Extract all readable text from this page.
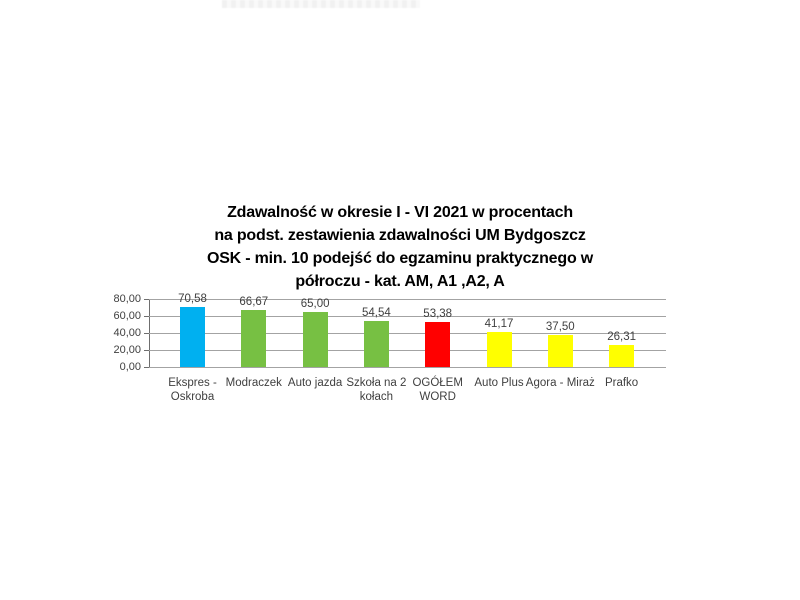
Zdawalność w okresie I - VI 2021 w procentach
na podst. zestawienia zdawalności UM Bydgoszcz
OSK - min. 10 podejść do egzaminu praktycznego w
półroczu - kat. AM, A1 ,A2, A
0,00
20,00
40,00
60,00
80,00	70,58
Ekspres -
Oskroba
66,67
Modraczek
65,00
Auto jazda
54,54
Szkoła na 2
kołach
53,38
OGÓŁEM
WORD
41,17
Auto Plus
37,50
Agora - Miraż
26,31
Prafko
